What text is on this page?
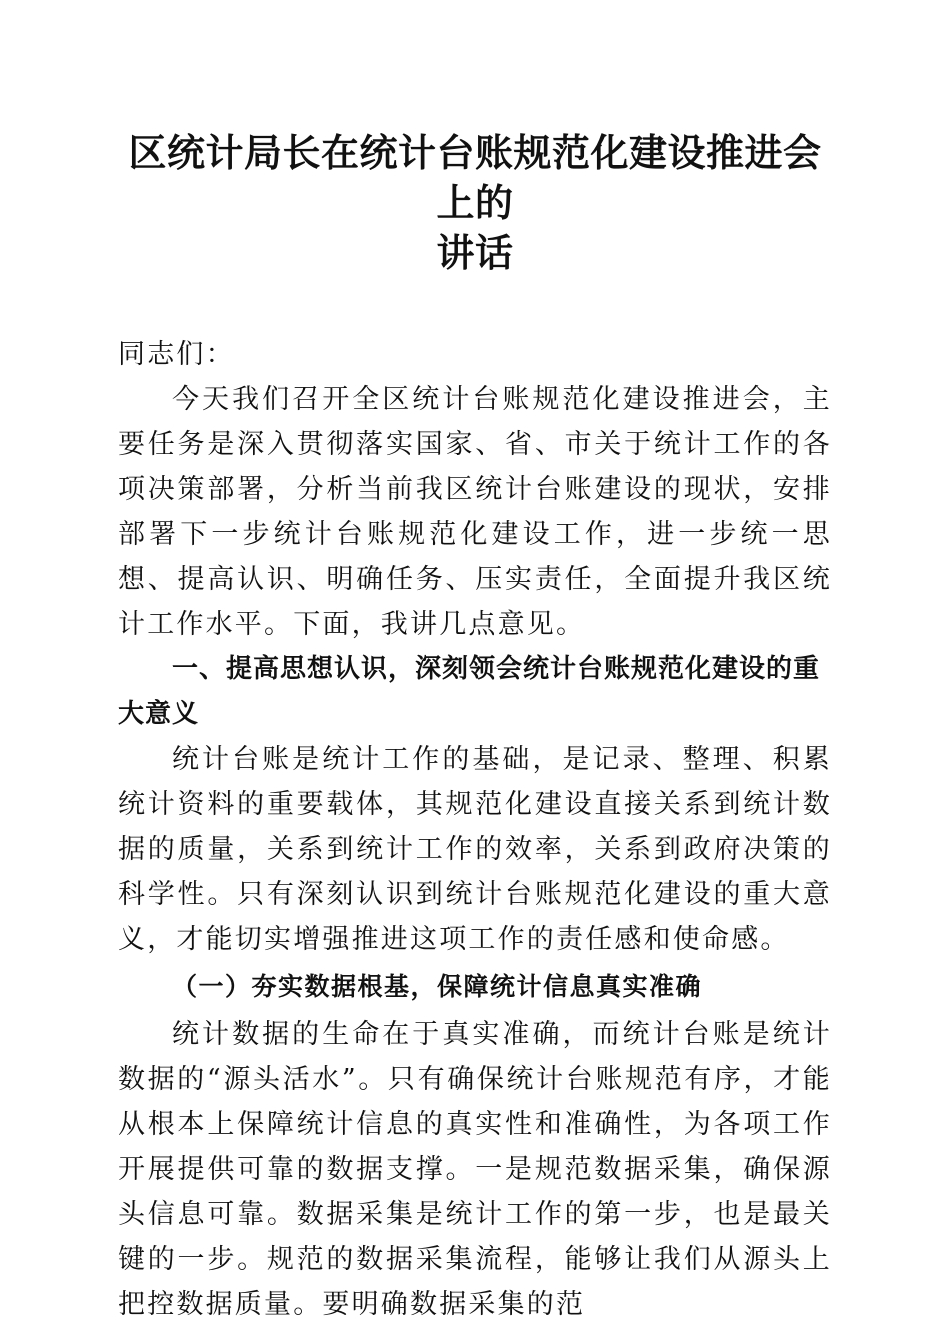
区统计局长在统计台账规范化建设推进会上的
讲话

同志们：

今天我们召开全区统计台账规范化建设推进会，主要任务是深入贯彻落实国家、省、市关于统计工作的各项决策部署，分析当前我区统计台账建设的现状，安排部署下一步统计台账规范化建设工作，进一步统一思想、提高认识、明确任务、压实责任，全面提升我区统计工作水平。下面，我讲几点意见。

一、提高思想认识，深刻领会统计台账规范化建设的重大意义

统计台账是统计工作的基础，是记录、整理、积累统计资料的重要载体，其规范化建设直接关系到统计数据的质量，关系到统计工作的效率，关系到政府决策的科学性。只有深刻认识到统计台账规范化建设的重大意义，才能切实增强推进这项工作的责任感和使命感。

（一）夯实数据根基，保障统计信息真实准确

统计数据的生命在于真实准确，而统计台账是统计数据的“源头活水”。只有确保统计台账规范有序，才能从根本上保障统计信息的真实性和准确性，为各项工作开展提供可靠的数据支撑。一是规范数据采集，确保源头信息可靠。数据采集是统计工作的第一步，也是最关键的一步。规范的数据采集流程，能够让我们从源头上把控数据质量。要明确数据采集的范
